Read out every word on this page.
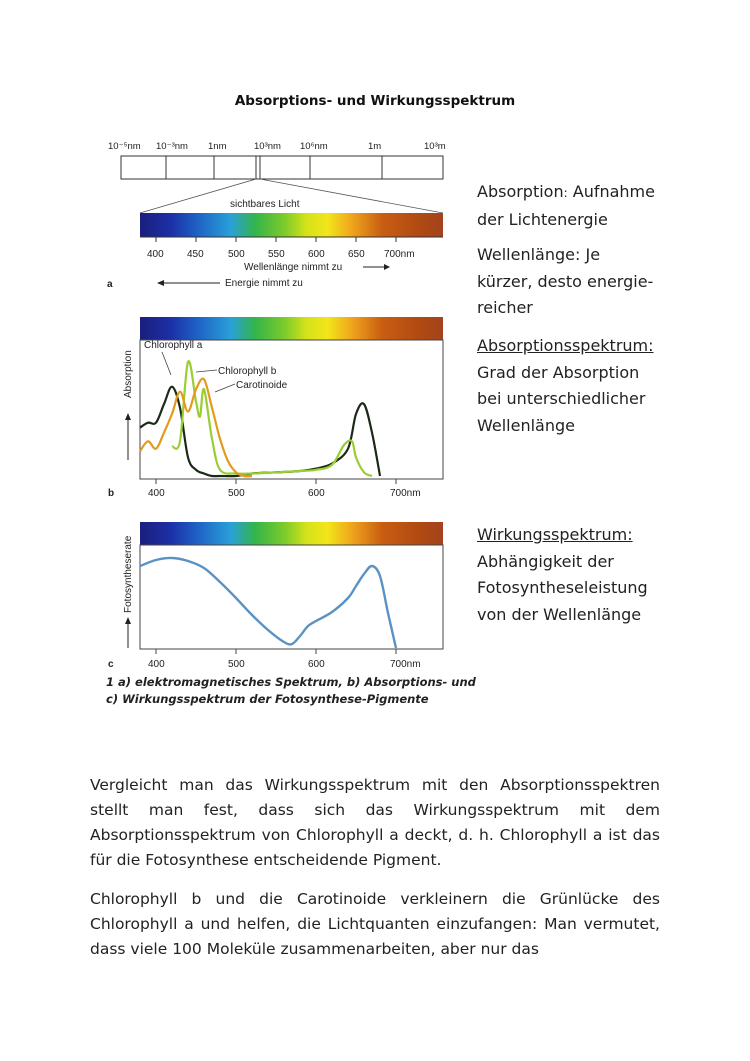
Absorptions- und Wirkungsspektrum
10⁻⁵nm 10⁻³nm 1nm	10³nm 10⁶nm	1m	10³m
sichtbares Licht
400 450 500 550 600 650 700nm
Wellenlänge nimmt zu
a	Energie nimmt zu
400	500	600	700nm
b
Absorption
Chlorophyll a
Chlorophyll b
Carotinoide
400	500	600	700nm
c
Fotosyntheserate
1 a) elektromagnetisches Spektrum, b) Absorptions- und
c) Wirkungsspektrum der Fotosynthese-Pigmente

Absorption: Aufnahme

der Lichtenergie

Wellenlänge: Je

kürzer, desto energie-

reicher

Absorptionsspektrum:

Grad der Absorption

bei unterschiedlicher

Wellenlänge

Wirkungsspektrum:

Abhängigkeit der

Fotosyntheseleistung

von der Wellenlänge

Vergleicht man das Wirkungsspektrum mit den Absorptionsspektren stellt man fest, dass sich das Wirkungsspektrum mit dem Absorptionsspektrum von Chlorophyll a deckt, d. h. Chlorophyll a ist das für die Fotosynthese entscheidende Pigment.

Chlorophyll b und die Carotinoide verkleinern die Grünlücke des Chlorophyll a und helfen, die Lichtquanten einzufangen: Man vermutet, dass viele 100 Moleküle zusammenarbeiten, aber nur das
